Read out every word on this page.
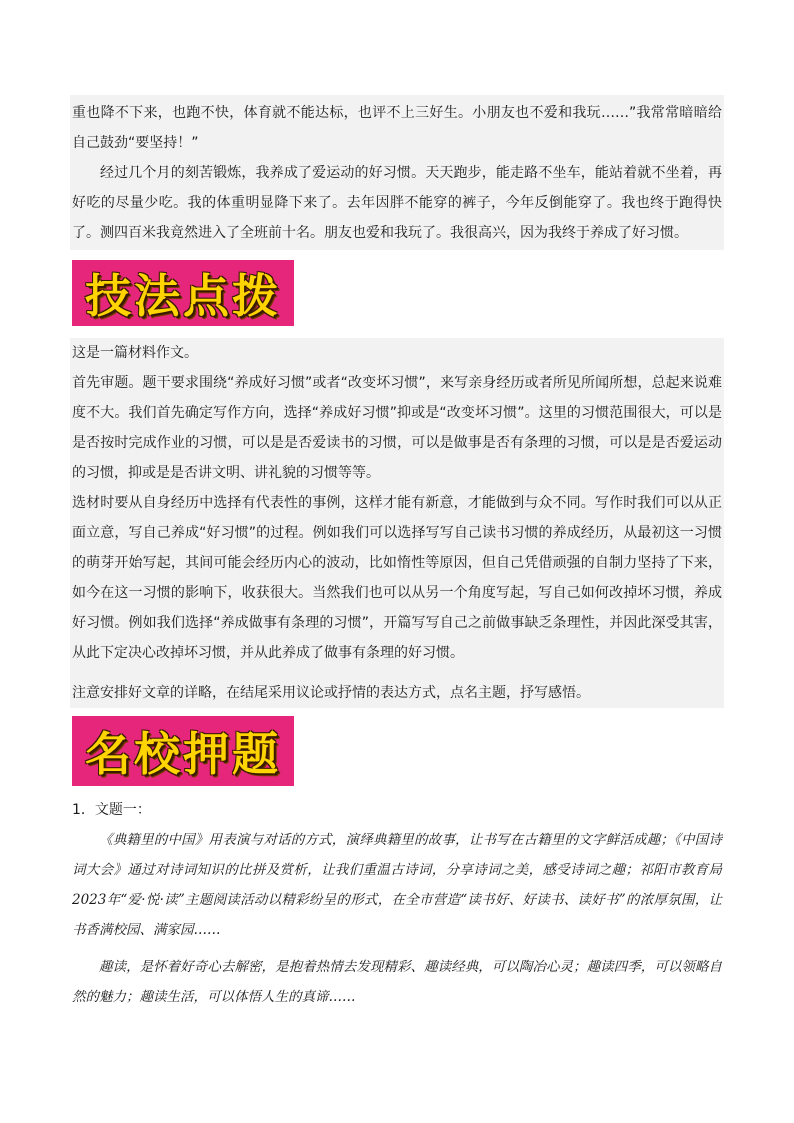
重也降不下来，也跑不快，体育就不能达标，也评不上三好生。小朋友也不爱和我玩……”我常常暗暗给自己鼓劲“要坚持！”

经过几个月的刻苦锻炼，我养成了爱运动的好习惯。天天跑步，能走路不坐车，能站着就不坐着，再好吃的尽量少吃。我的体重明显降下来了。去年因胖不能穿的裤子，今年反倒能穿了。我也终于跑得快了。测四百米我竟然进入了全班前十名。朋友也爱和我玩了。我很高兴，因为我终于养成了好习惯。

技法点拨

这是一篇材料作文。

首先审题。题干要求围绕“养成好习惯”或者“改变坏习惯”，来写亲身经历或者所见所闻所想，总起来说难度不大。我们首先确定写作方向，选择“养成好习惯”抑或是“改变坏习惯”。这里的习惯范围很大，可以是是否按时完成作业的习惯，可以是是否爱读书的习惯，可以是做事是否有条理的习惯，可以是是否爱运动的习惯，抑或是是否讲文明、讲礼貌的习惯等等。

选材时要从自身经历中选择有代表性的事例，这样才能有新意，才能做到与众不同。写作时我们可以从正面立意，写自己养成“好习惯”的过程。例如我们可以选择写写自己读书习惯的养成经历，从最初这一习惯的萌芽开始写起，其间可能会经历内心的波动，比如惰性等原因，但自己凭借顽强的自制力坚持了下来，如今在这一习惯的影响下，收获很大。当然我们也可以从另一个角度写起，写自己如何改掉坏习惯，养成好习惯。例如我们选择“养成做事有条理的习惯”，开篇写写自己之前做事缺乏条理性，并因此深受其害，从此下定决心改掉坏习惯，并从此养成了做事有条理的好习惯。

注意安排好文章的详略，在结尾采用议论或抒情的表达方式，点名主题，抒写感悟。

名校押题

1．文题一：

《典籍里的中国》用表演与对话的方式，演绎典籍里的故事，让书写在古籍里的文字鲜活成趣；《中国诗词大会》通过对诗词知识的比拼及赏析，让我们重温古诗词，分享诗词之美，感受诗词之趣；祁阳市教育局2023年“爱·悦·读”主题阅读活动以精彩纷呈的形式，在全市营造“读书好、好读书、读好书”的浓厚氛围，让书香满校园、满家园……

趣读，是怀着好奇心去解密，是抱着热情去发现精彩、趣读经典，可以陶冶心灵；趣读四季，可以领略自然的魅力；趣读生活，可以体悟人生的真谛……
